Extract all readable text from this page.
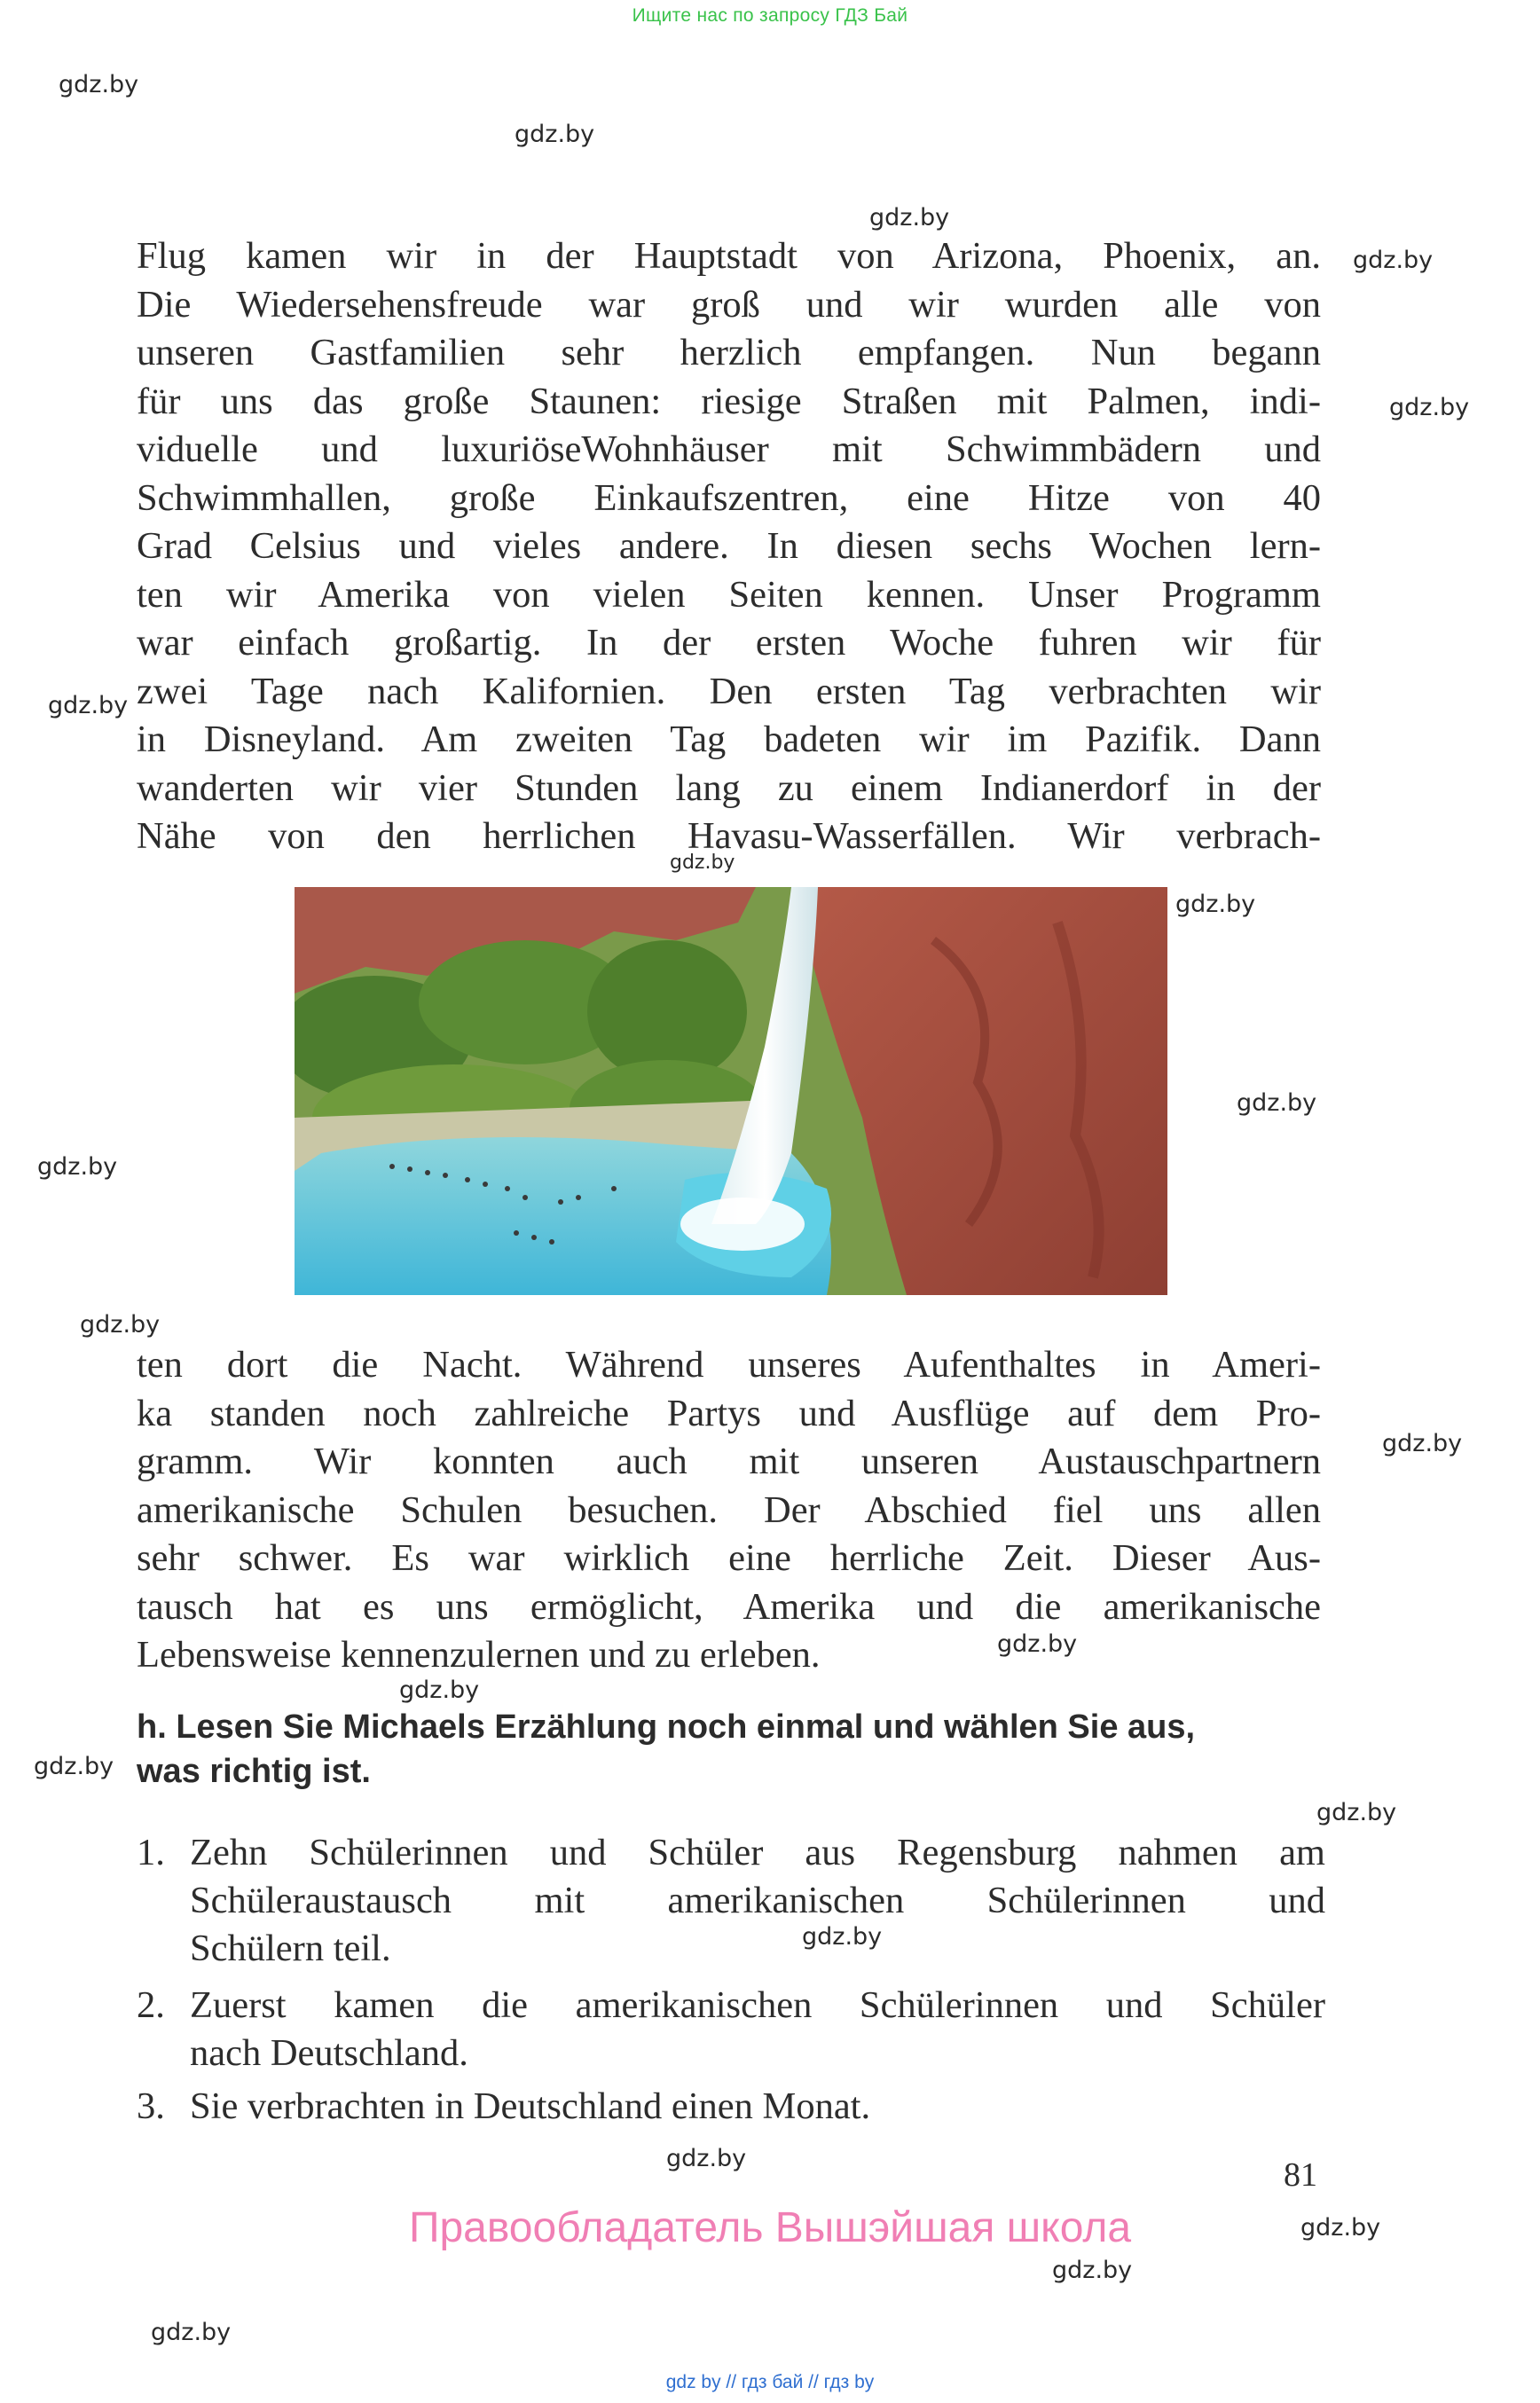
Ищите нас по запросу ГДЗ Бай
gdz.by
gdz.by
gdz.by
gdz.by
gdz.by
gdz.by
gdz.by
gdz.by
gdz.by
gdz.by
gdz.by
gdz.by
gdz.by
gdz.by
gdz.by
gdz.by
gdz.by
gdz.by
gdz.by
gdz.by
gdz.by
Flug kamen wir in der Hauptstadt von Arizona, Phoenix, an.
Die Wiedersehensfreude war groß und wir wurden alle von
unseren Gastfamilien sehr herzlich empfangen. Nun begann
für uns das große Staunen: riesige Straßen mit Palmen, indi-
viduelle und luxuriöseWohnhäuser mit Schwimmbädern und
Schwimmhallen, große Einkaufszentren, eine Hitze von 40
Grad Celsius und vieles andere. In diesen sechs Wochen lern-
ten wir Amerika von vielen Seiten kennen. Unser Programm
war einfach großartig. In der ersten Woche fuhren wir für
zwei Tage nach Kalifornien. Den ersten Tag verbrachten wir
in Disneyland. Am zweiten Tag badeten wir im Pazifik. Dann
wanderten wir vier Stunden lang zu einem Indianerdorf in der
Nähe von den herrlichen Havasu-Wasserfällen. Wir verbrach-
ten dort die Nacht. Während unseres Aufenthaltes in Ameri-
ka standen noch zahlreiche Partys und Ausflüge auf dem Pro-
gramm. Wir konnten auch mit unseren Austauschpartnern
amerikanische Schulen besuchen. Der Abschied fiel uns allen
sehr schwer. Es war wirklich eine herrliche Zeit. Dieser Aus-
tausch hat es uns ermöglicht, Amerika und die amerikanische
Lebensweise kennenzulernen und zu erleben.
h. Lesen Sie Michaels Erzählung noch einmal und wählen Sie aus,
was richtig ist.
1. Zehn Schülerinnen und Schüler aus Regensburg nahmen am
Schüleraustausch mit amerikanischen Schülerinnen und
Schülern teil.
2. Zuerst kamen die amerikanischen Schülerinnen und Schüler
nach Deutschland.
3. Sie verbrachten in Deutschland einen Monat.
81
Правообладатель Вышэйшая школа
gdz by // гдз бай // гдз by
